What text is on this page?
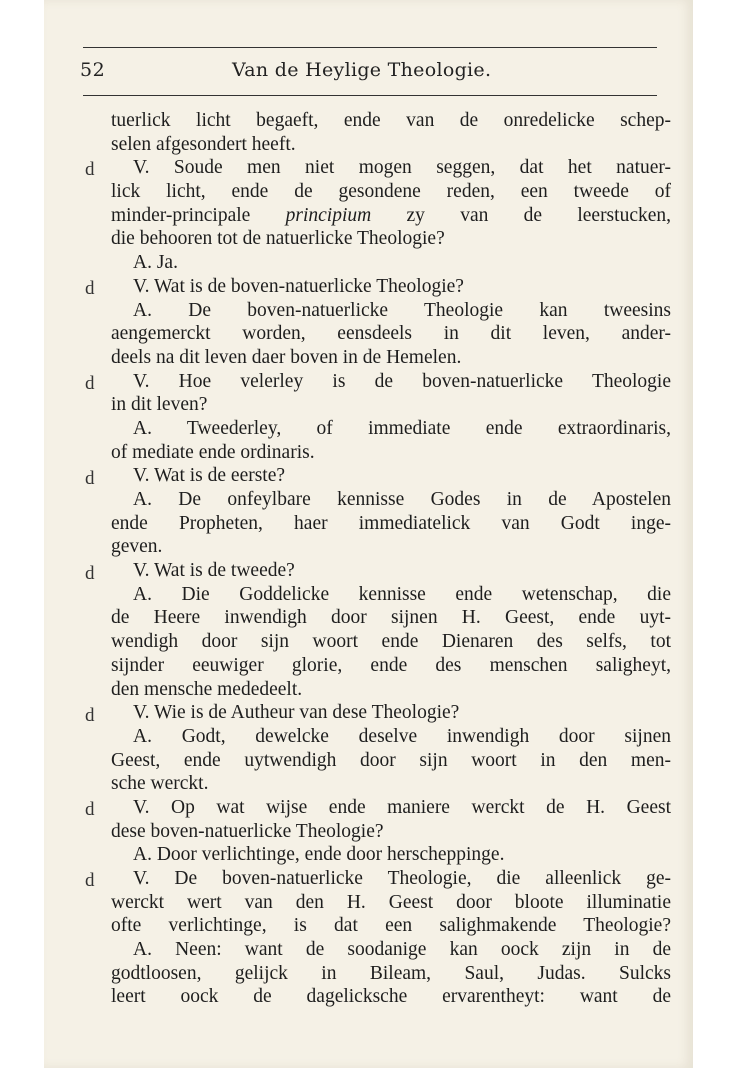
52	Van de Heylige Theologie.
d
d
d
d
d
d
d
d
tuerlick licht begaeft, ende van de onredelicke schep-
selen afgesondert heeft.
V. Soude men niet mogen seggen, dat het natuer-
lick licht, ende de gesondene reden, een tweede of
minder-principale principium zy van de leerstucken,
die behooren tot de natuerlicke Theologie?
A. Ja.
V. Wat is de boven-natuerlicke Theologie?
A. De boven-natuerlicke Theologie kan tweesins
aengemerckt worden, eensdeels in dit leven, ander-
deels na dit leven daer boven in de Hemelen.
V. Hoe velerley is de boven-natuerlicke Theologie
in dit leven?
A. Tweederley, of immediate ende extraordinaris,
of mediate ende ordinaris.
V. Wat is de eerste?
A. De onfeylbare kennisse Godes in de Apostelen
ende Propheten, haer immediatelick van Godt inge-
geven.
V. Wat is de tweede?
A. Die Goddelicke kennisse ende wetenschap, die
de Heere inwendigh door sijnen H. Geest, ende uyt-
wendigh door sijn woort ende Dienaren des selfs, tot
sijnder eeuwiger glorie, ende des menschen saligheyt,
den mensche mededeelt.
V. Wie is de Autheur van dese Theologie?
A. Godt, dewelcke deselve inwendigh door sijnen
Geest, ende uytwendigh door sijn woort in den men-
sche werckt.
V. Op wat wijse ende maniere werckt de H. Geest
dese boven-natuerlicke Theologie?
A. Door verlichtinge, ende door herscheppinge.
V. De boven-natuerlicke Theologie, die alleenlick ge-
werckt wert van den H. Geest door bloote illuminatie
ofte verlichtinge, is dat een salighmakende Theologie?
A. Neen: want de soodanige kan oock zijn in de
godtloosen, gelijck in Bileam, Saul, Judas. Sulcks
leert oock de dagelicksche ervarentheyt: want de
